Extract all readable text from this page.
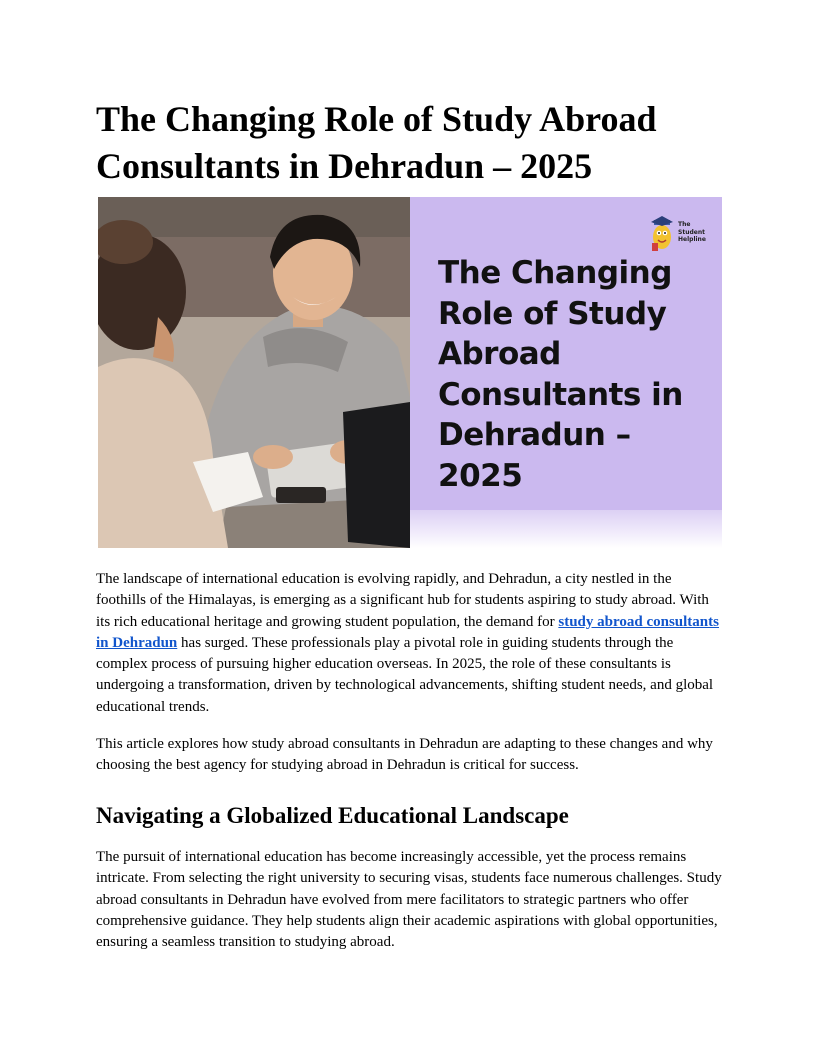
The Changing Role of Study Abroad Consultants in Dehradun – 2025
The
Student
Helpline
The Changing
Role of Study
Abroad
Consultants in
Dehradun –
2025

The landscape of international education is evolving rapidly, and Dehradun, a city nestled in the foothills of the Himalayas, is emerging as a significant hub for students aspiring to study abroad. With its rich educational heritage and growing student population, the demand for study abroad consultants in Dehradun has surged. These professionals play a pivotal role in guiding students through the complex process of pursuing higher education overseas. In 2025, the role of these consultants is undergoing a transformation, driven by technological advancements, shifting student needs, and global educational trends.

This article explores how study abroad consultants in Dehradun are adapting to these changes and why choosing the best agency for studying abroad in Dehradun is critical for success.

Navigating a Globalized Educational Landscape

The pursuit of international education has become increasingly accessible, yet the process remains intricate. From selecting the right university to securing visas, students face numerous challenges. Study abroad consultants in Dehradun have evolved from mere facilitators to strategic partners who offer comprehensive guidance. They help students align their academic aspirations with global opportunities, ensuring a seamless transition to studying abroad.
